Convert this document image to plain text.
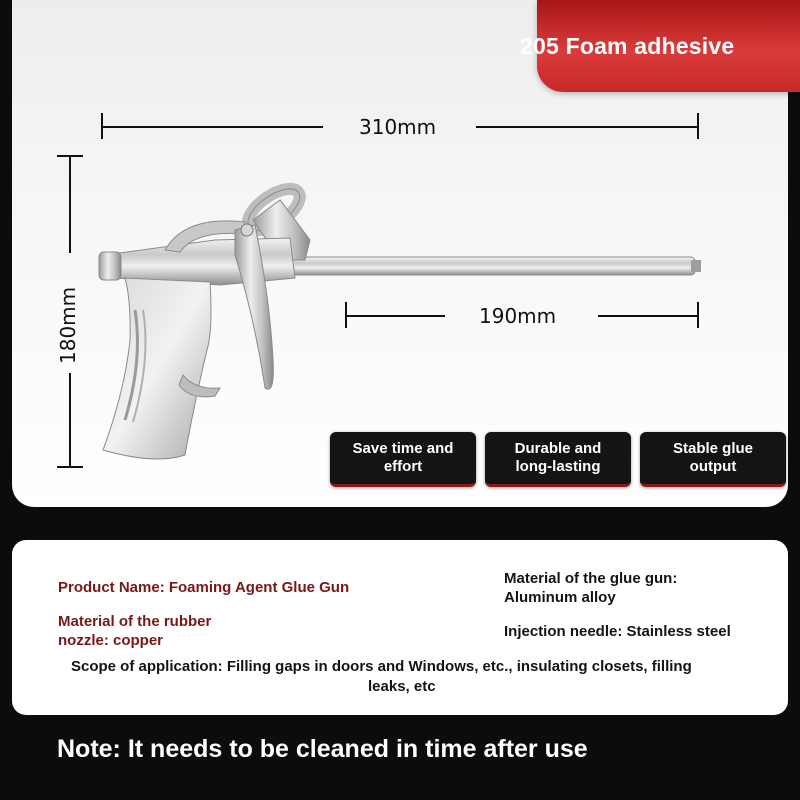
205 Foam adhesive
310mm
180mm	190mm
Save time and
effort
Durable and
long-lasting
Stable glue
output
Product Name: Foaming Agent Glue Gun
Material of the rubber
nozzle: copper
Material of the glue gun:
Aluminum alloy
Injection needle: Stainless steel
Scope of application: Filling gaps in doors and Windows, etc., insulating closets, filling
leaks, etc
Note: It needs to be cleaned in time after use
